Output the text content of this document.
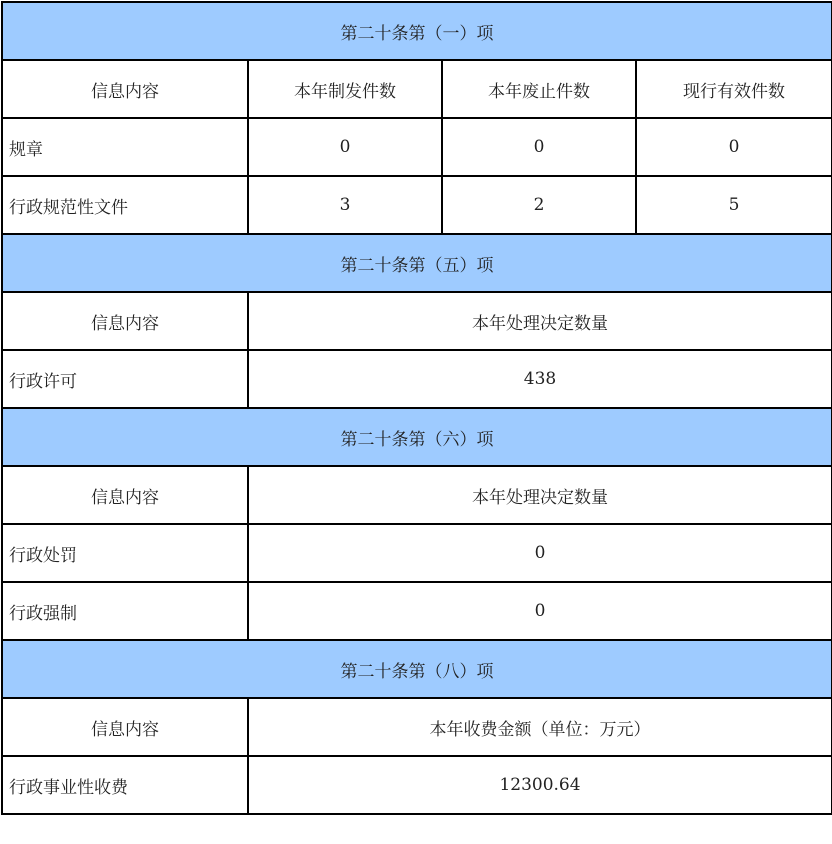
第二十条第（一）项			
信息内容	本年制发件数	本年废止件数	现行有效件数
规章	0	0	0
行政规范性文件	3	2	5
第二十条第（五）项			
信息内容	本年处理决定数量		
行政许可	438		
第二十条第（六）项			
信息内容	本年处理决定数量		
行政处罚	0		
行政强制	0		
第二十条第（八）项			
信息内容	本年收费金额（单位：万元）		
行政事业性收费	12300.64		
